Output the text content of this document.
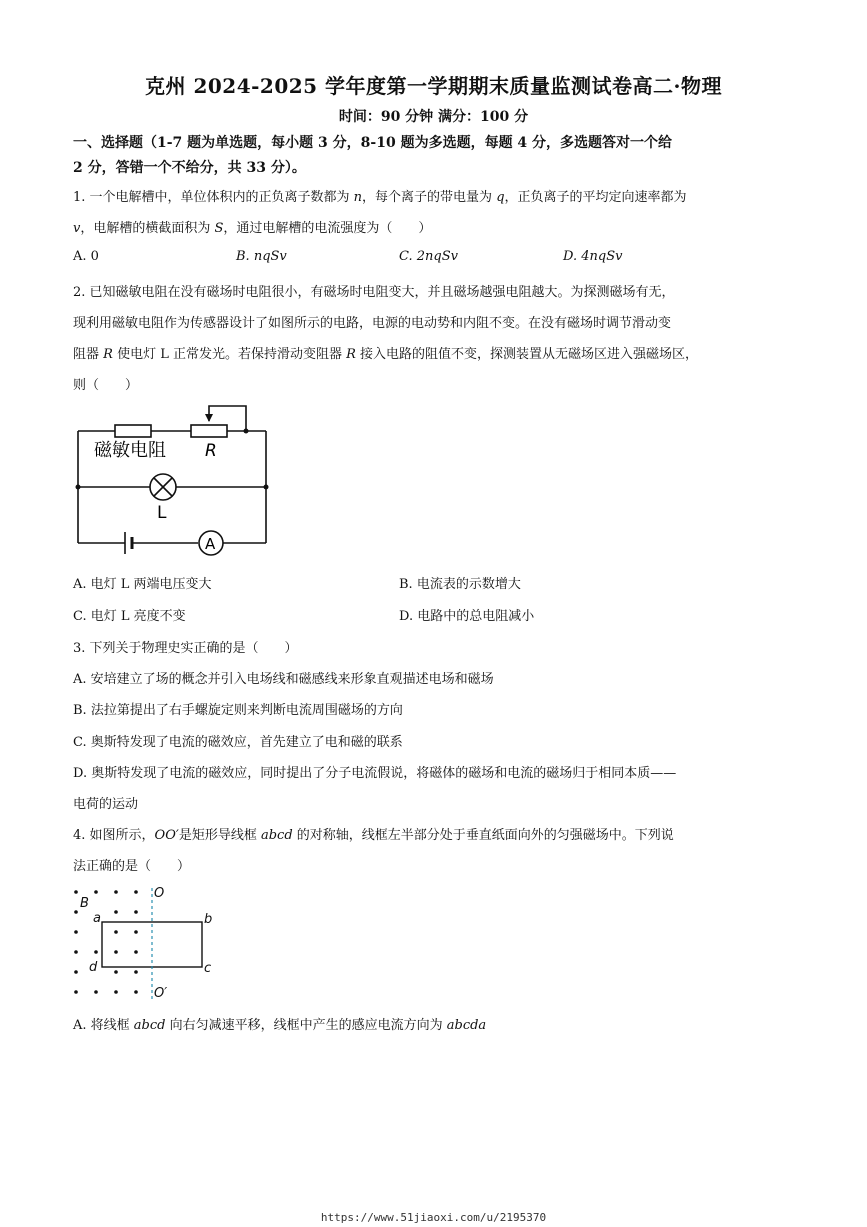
克州 2024-2025 学年度第一学期期末质量监测试卷高二·物理
时间：90 分钟 满分：100 分
一、选择题（1-7 题为单选题，每小题 3 分，8-10 题为多选题，每题 4 分，多选题答对一个给
2 分，答错一个不给分，共 33 分）。
1. 一个电解槽中，单位体积内的正负离子数都为 n，每个离子的带电量为 q，正负离子的平均定向速率都为
v，电解槽的横截面积为 S，通过电解槽的电流强度为（　　）
A. 0	B. nqSv	C. 2nqSv	D. 4nqSv
2. 已知磁敏电阻在没有磁场时电阻很小，有磁场时电阻变大，并且磁场越强电阻越大。为探测磁场有无，
现利用磁敏电阻作为传感器设计了如图所示的电路，电源的电动势和内阻不变。在没有磁场时调节滑动变
阻器 R 使电灯 L 正常发光。若保持滑动变阻器 R 接入电路的阻值不变，探测装置从无磁场区进入强磁场区，
则（　　）
磁敏电阻 R
L
A
A. 电灯 L 两端电压变大	B. 电流表的示数增大
C. 电灯 L 亮度不变	D. 电路中的总电阻减小
3. 下列关于物理史实正确的是（　　）
A. 安培建立了场的概念并引入电场线和磁感线来形象直观描述电场和磁场
B. 法拉第提出了右手螺旋定则来判断电流周围磁场的方向
C. 奥斯特发现了电流的磁效应，首先建立了电和磁的联系
D. 奥斯特发现了电流的磁效应，同时提出了分子电流假说，将磁体的磁场和电流的磁场归于相同本质——
电荷的运动
4. 如图所示，OO′是矩形导线框 abcd 的对称轴，线框左半部分处于垂直纸面向外的匀强磁场中。下列说
法正确的是（　　）
O
O′
B
a	b
c
d
A. 将线框 abcd 向右匀减速平移，线框中产生的感应电流方向为 abcda
https://www.51jiaoxi.com/u/2195370
